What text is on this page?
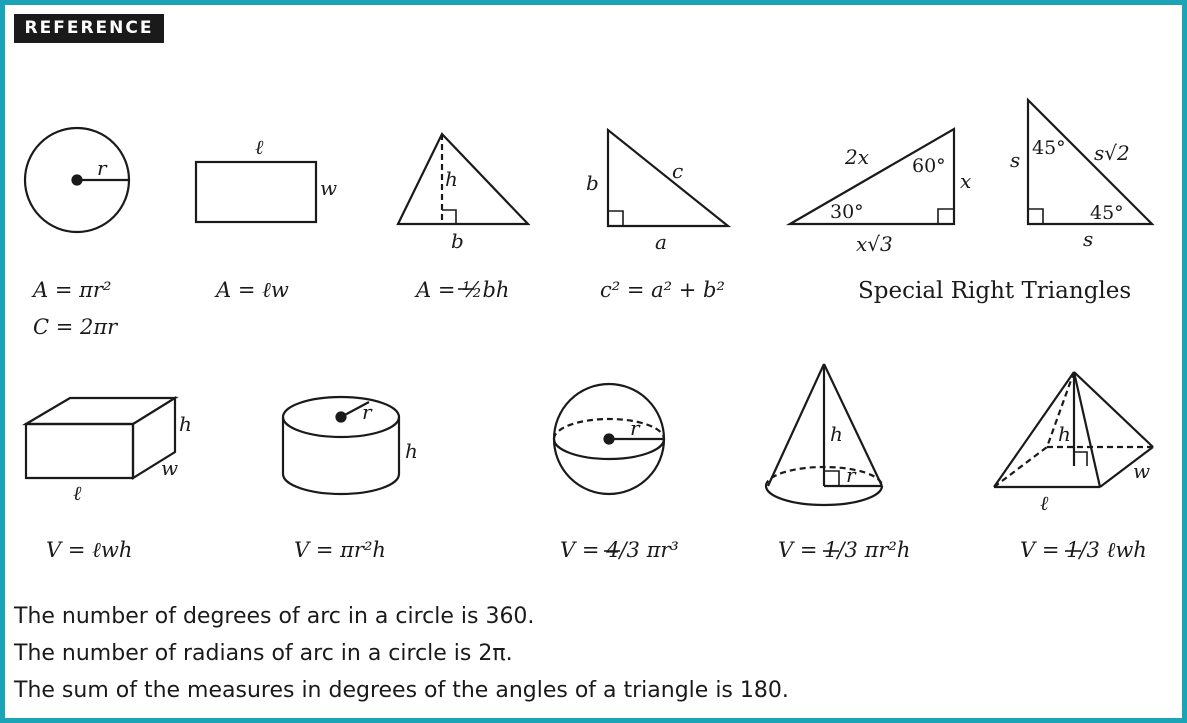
REFERENCE
r
ℓ
w	h
b
b	c
a
2x 60°
x
30°
x√3
s 45° s√2
45°
s
h
w
ℓ
r
h
r	h
r
h
w
ℓ
A = πr²
C = 2πr
A = ℓw	A = ½bh	c² = a² + b²	Special Right Triangles
V = ℓwh	V = πr²h	V = 4/3 πr³	V = 1/3 πr²h	V = 1/3 ℓwh
The number of degrees of arc in a circle is 360.
The number of radians of arc in a circle is 2π.
The sum of the measures in degrees of the angles of a triangle is 180.
